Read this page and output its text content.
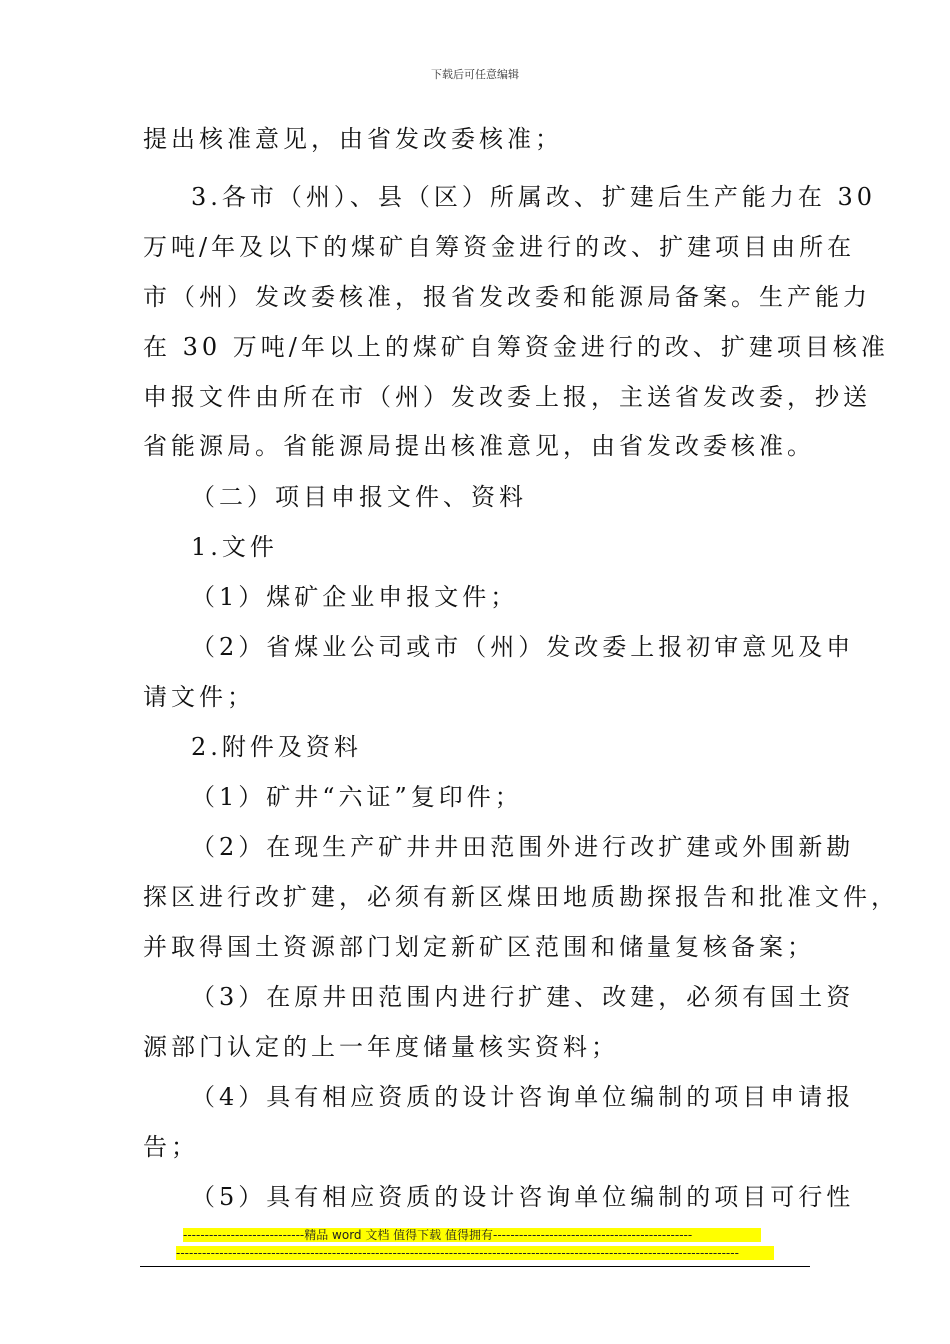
下载后可任意编辑
提出核准意见，由省发改委核准；
3.各市（州）、县（区）所属改、扩建后生产能力在 30
万吨/年及以下的煤矿自筹资金进行的改、扩建项目由所在
市（州）发改委核准，报省发改委和能源局备案。生产能力
在 30 万吨/年以上的煤矿自筹资金进行的改、扩建项目核准
申报文件由所在市（州）发改委上报，主送省发改委，抄送
省能源局。省能源局提出核准意见，由省发改委核准。
（二）项目申报文件、资料
1.文件
（1）煤矿企业申报文件；
（2）省煤业公司或市（州）发改委上报初审意见及申
请文件；
2.附件及资料
（1）矿井“六证”复印件；
（2）在现生产矿井井田范围外进行改扩建或外围新勘
探区进行改扩建，必须有新区煤田地质勘探报告和批准文件，
并取得国土资源部门划定新矿区范围和储量复核备案；
（3）在原井田范围内进行扩建、改建，必须有国土资
源部门认定的上一年度储量核实资料；
（4）具有相应资质的设计咨询单位编制的项目申请报
告；
（5）具有相应资质的设计咨询单位编制的项目可行性
----------------------------精品 word 文档 值得下载 值得拥有----------------------------------------------
----------------------------------------------------------------------------------------------------------------------------------
